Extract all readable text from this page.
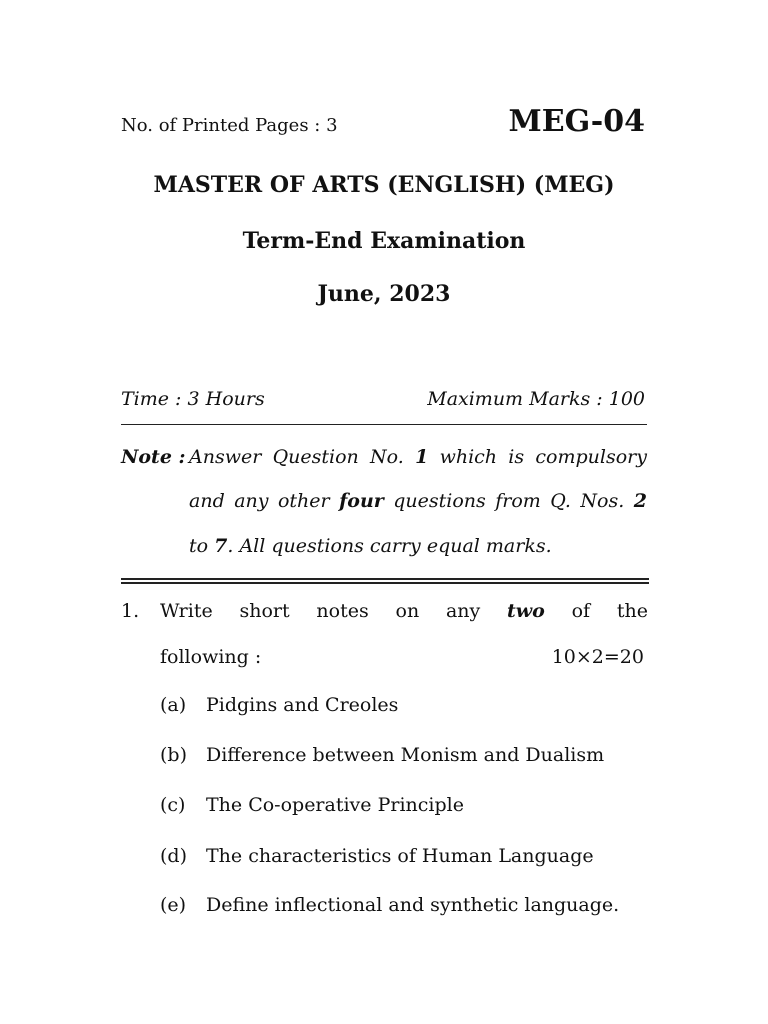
No. of Printed Pages : 3	MEG-04
MASTER OF ARTS (ENGLISH) (MEG)
Term-End Examination
June, 2023
Time : 3 Hours	Maximum Marks : 100
Note : Answer Question No. 1 which is compulsory
and any other four questions from Q. Nos. 2
to 7. All questions carry equal marks.
1. Write short notes on any two of the
following :	10×2=20
(a) Pidgins and Creoles
(b) Difference between Monism and Dualism
(c) The Co-operative Principle
(d) The characteristics of Human Language
(e) Define inflectional and synthetic language.
